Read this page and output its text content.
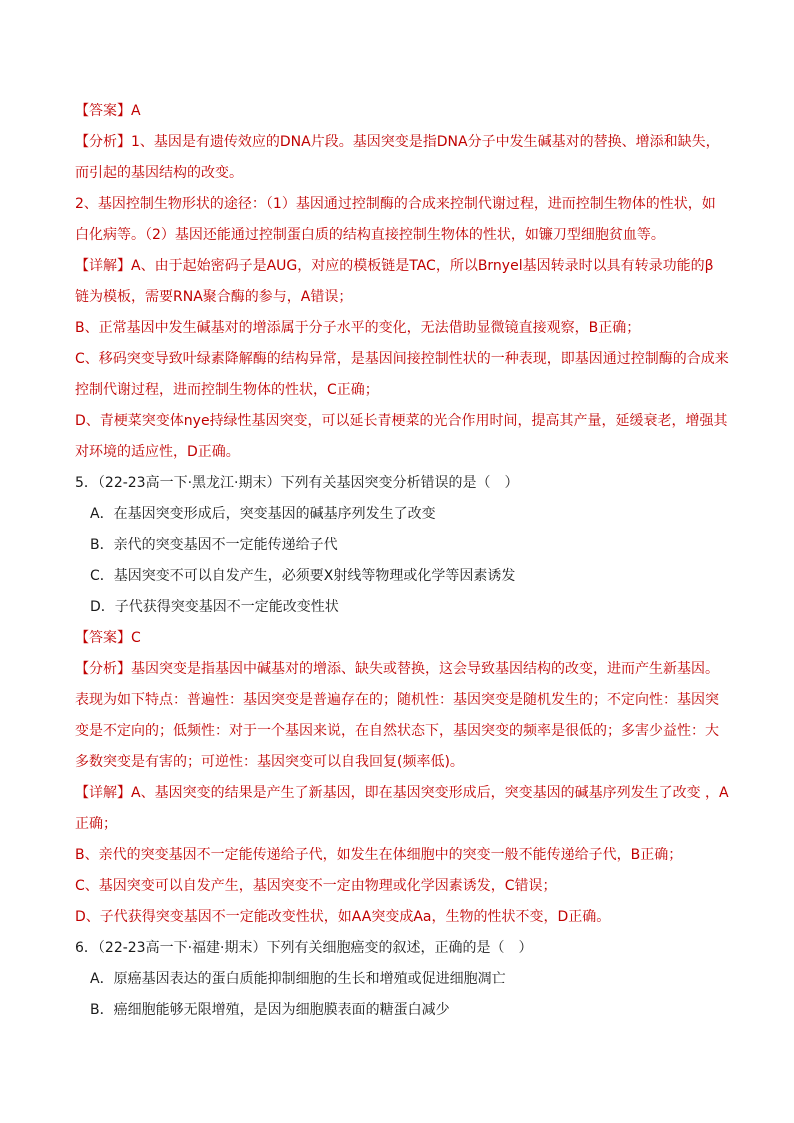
【答案】A
【分析】1、基因是有遗传效应的DNA片段。基因突变是指DNA分子中发生碱基对的替换、增添和缺失，
而引起的基因结构的改变。
2、基因控制生物形状的途径：（1）基因通过控制酶的合成来控制代谢过程，进而控制生物体的性状，如
白化病等。（2）基因还能通过控制蛋白质的结构直接控制生物体的性状，如镰刀型细胞贫血等。
【详解】A、由于起始密码子是AUG，对应的模板链是TAC，所以Brnyel基因转录时以具有转录功能的β
链为模板，需要RNA聚合酶的参与，A错误；
B、正常基因中发生碱基对的增添属于分子水平的变化，无法借助显微镜直接观察，B正确；
C、移码突变导致叶绿素降解酶的结构异常，是基因间接控制性状的一种表现，即基因通过控制酶的合成来
控制代谢过程，进而控制生物体的性状，C正确；
D、青梗菜突变体nye持绿性基因突变，可以延长青梗菜的光合作用时间，提高其产量，延缓衰老，增强其
对环境的适应性，D正确。
5．（22-23高一下·黑龙江·期末）下列有关基因突变分析错误的是（　）
A．在基因突变形成后，突变基因的碱基序列发生了改变
B．亲代的突变基因不一定能传递给子代
C．基因突变不可以自发产生，必须要X射线等物理或化学等因素诱发
D．子代获得突变基因不一定能改变性状
【答案】C
【分析】基因突变是指基因中碱基对的增添、缺失或替换，这会导致基因结构的改变，进而产生新基因。
表现为如下特点：普遍性：基因突变是普遍存在的；随机性：基因突变是随机发生的；不定向性：基因突
变是不定向的；低频性：对于一个基因来说，在自然状态下，基因突变的频率是很低的；多害少益性：大
多数突变是有害的；可逆性：基因突变可以自我回复(频率低)。
【详解】A、基因突变的结果是产生了新基因，即在基因突变形成后，突变基因的碱基序列发生了改变 ，A
正确；
B、亲代的突变基因不一定能传递给子代，如发生在体细胞中的突变一般不能传递给子代，B正确；
C、基因突变可以自发产生，基因突变不一定由物理或化学因素诱发，C错误；
D、子代获得突变基因不一定能改变性状，如AA突变成Aa，生物的性状不变，D正确。
6．（22-23高一下·福建·期末）下列有关细胞癌变的叙述，正确的是（　）
A．原癌基因表达的蛋白质能抑制细胞的生长和增殖或促进细胞凋亡
B．癌细胞能够无限增殖，是因为细胞膜表面的糖蛋白减少
